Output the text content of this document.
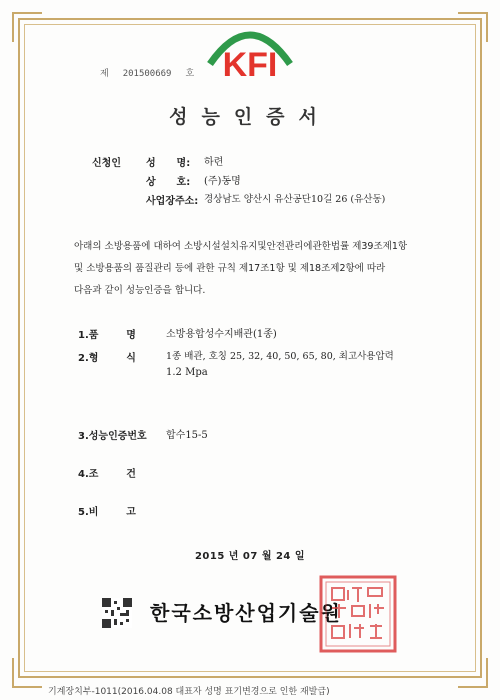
KFI
제 201500669 호
성능인증서
신청인	성      명: 하련
상      호: (주)동명
사업장주소: 경상남도 양산시 유산공단10길 26 (유산동)
아래의 소방용품에 대하여 소방시설설치유지및안전관리에관한법률 제39조제1항
및 소방용품의 품질관리 등에 관한 규칙 제17조1항 및 제18조제2항에 따라
다음과 같이 성능인증을 합니다.
1.품        명	소방용합성수지배관(1종)
2.형        식	1종 배관, 호칭 25, 32, 40, 50, 65, 80, 최고사용압력
1.2 Mpa
3.성능인증번호 합수15-5
4.조        건
5.비        고
2015 년 07 월 24 일
한국소방산업기술원
기계장치부-1011(2016.04.08 대표자 성명 표기변경으로 인한 재발급)
